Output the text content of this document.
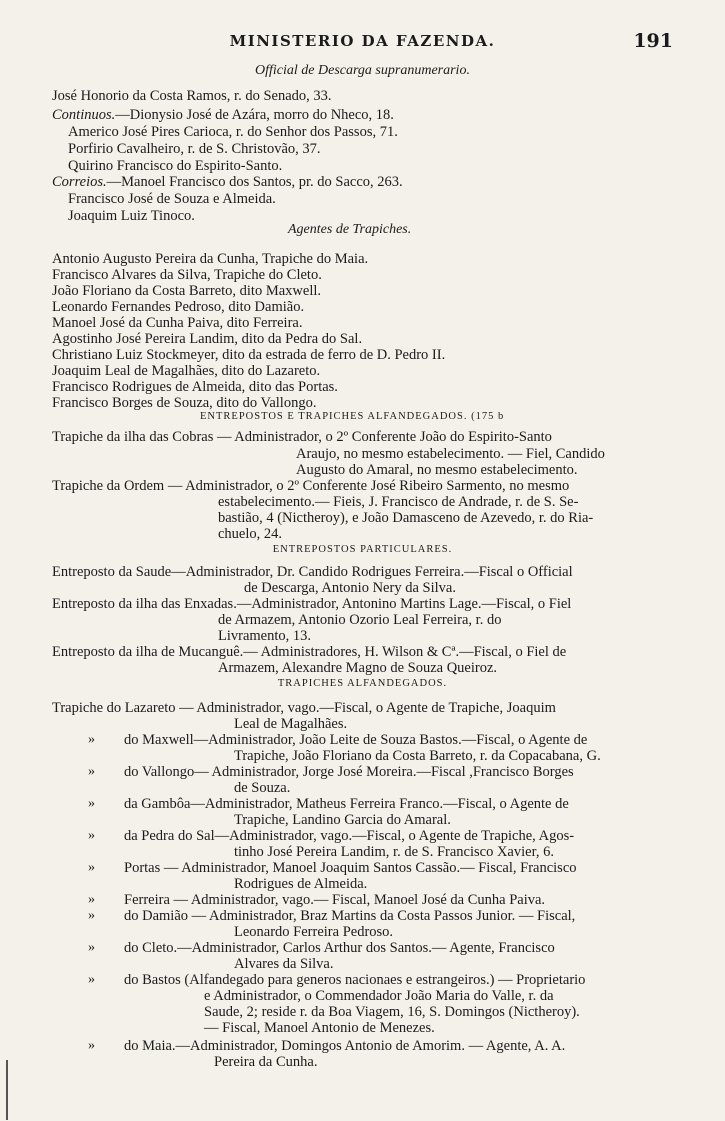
MINISTERIO DA FAZENDA.	191
Official de Descarga supranumerario.
José Honorio da Costa Ramos, r. do Senado, 33.
Continuos.—Dionysio José de Azára, morro do Nheco, 18.
Americo José Pires Carioca, r. do Senhor dos Passos, 71.
Porfirio Cavalheiro, r. de S. Christovão, 37.
Quirino Francisco do Espirito-Santo.
Correios.—Manoel Francisco dos Santos, pr. do Sacco, 263.
Francisco José de Souza e Almeida.
Joaquim Luiz Tinoco.
Agentes de Trapiches.
Antonio Augusto Pereira da Cunha, Trapiche do Maia.
Francisco Alvares da Silva, Trapiche do Cleto.
João Floriano da Costa Barreto, dito Maxwell.
Leonardo Fernandes Pedroso, dito Damião.
Manoel José da Cunha Paiva, dito Ferreira.
Agostinho José Pereira Landim, dito da Pedra do Sal.
Christiano Luiz Stockmeyer, dito da estrada de ferro de D. Pedro II.
Joaquim Leal de Magalhães, dito do Lazareto.
Francisco Rodrigues de Almeida, dito das Portas.
Francisco Borges de Souza, dito do Vallongo.
ENTREPOSTOS E TRAPICHES ALFANDEGADOS. (175 b
Trapiche da ilha das Cobras — Administrador, o 2º Conferente João do Espirito-Santo
Araujo, no mesmo estabelecimento. — Fiel, Candido
Augusto do Amaral, no mesmo estabelecimento.
Trapiche da Ordem — Administrador, o 2º Conferente José Ribeiro Sarmento, no mesmo
estabelecimento.— Fieis, J. Francisco de Andrade, r. de S. Se-
bastião, 4 (Nictheroy), e João Damasceno de Azevedo, r. do Ria-
chuelo, 24.
ENTREPOSTOS PARTICULARES.
Entreposto da Saude—Administrador, Dr. Candido Rodrigues Ferreira.—Fiscal o Official
de Descarga, Antonio Nery da Silva.
Entreposto da ilha das Enxadas.—Administrador, Antonino Martins Lage.—Fiscal, o Fiel
de Armazem, Antonio Ozorio Leal Ferreira, r. do
Livramento, 13.
Entreposto da ilha de Mucanguê.— Administradores, H. Wilson & Cª.—Fiscal, o Fiel de
Armazem, Alexandre Magno de Souza Queiroz.
TRAPICHES ALFANDEGADOS.
Trapiche do Lazareto — Administrador, vago.—Fiscal, o Agente de Trapiche, Joaquim
Leal de Magalhães.
» do Maxwell—Administrador, João Leite de Souza Bastos.—Fiscal, o Agente de
Trapiche, João Floriano da Costa Barreto, r. da Copacabana, G.
» do Vallongo— Administrador, Jorge José Moreira.—Fiscal ,Francisco Borges
de Souza.
» da Gambôa—Administrador, Matheus Ferreira Franco.—Fiscal, o Agente de
Trapiche, Landino Garcia do Amaral.
» da Pedra do Sal—Administrador, vago.—Fiscal, o Agente de Trapiche, Agos-
tinho José Pereira Landim, r. de S. Francisco Xavier, 6.
» Portas — Administrador, Manoel Joaquim Santos Cassão.— Fiscal, Francisco
Rodrigues de Almeida.
» Ferreira — Administrador, vago.— Fiscal, Manoel José da Cunha Paiva.
» do Damião — Administrador, Braz Martins da Costa Passos Junior. — Fiscal,
Leonardo Ferreira Pedroso.
» do Cleto.—Administrador, Carlos Arthur dos Santos.— Agente, Francisco
Alvares da Silva.
» do Bastos (Alfandegado para generos nacionaes e estrangeiros.) — Proprietario
e Administrador, o Commendador João Maria do Valle, r. da
Saude, 2; reside r. da Boa Viagem, 16, S. Domingos (Nictheroy).
— Fiscal, Manoel Antonio de Menezes.
» do Maia.—Administrador, Domingos Antonio de Amorim. — Agente, A. A.
Pereira da Cunha.
